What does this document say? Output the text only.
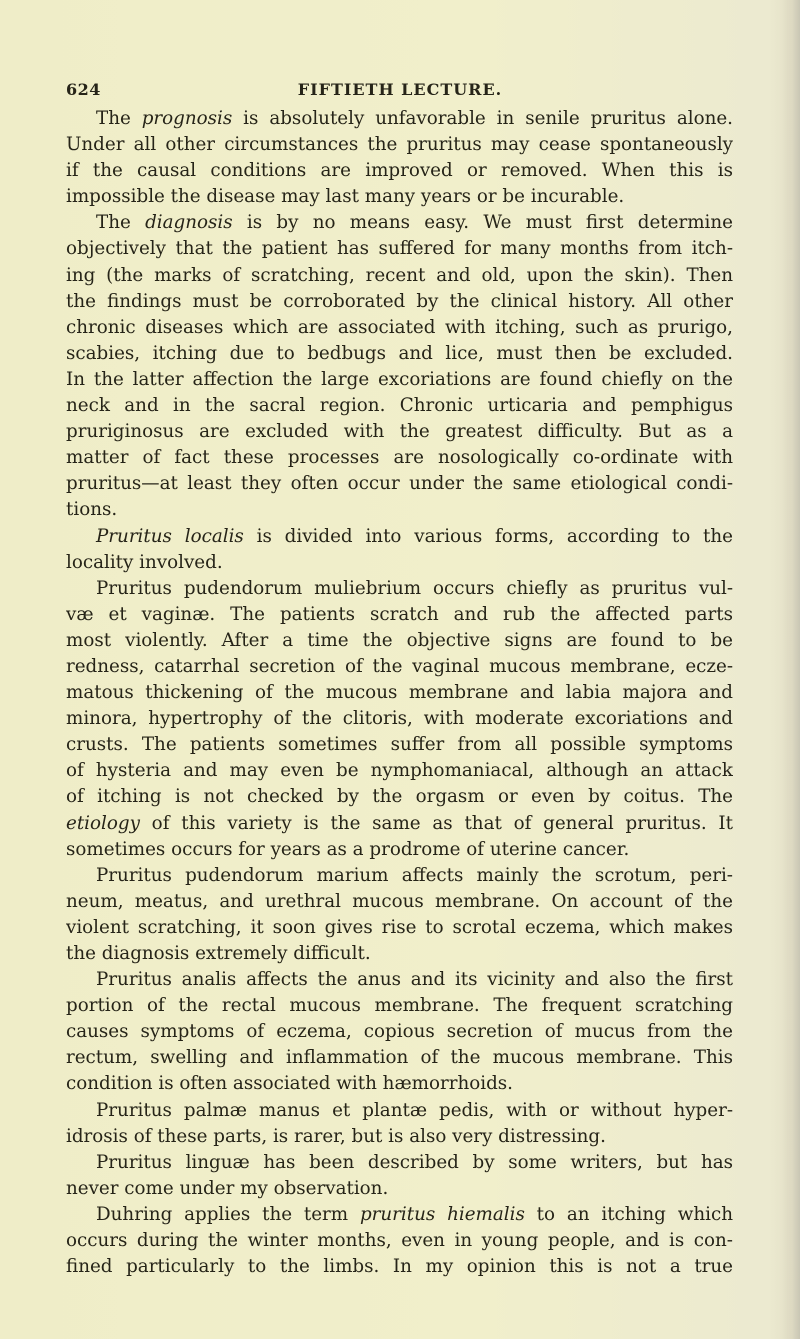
624	FIFTIETH LECTURE.
The prognosis is absolutely unfavorable in senile pruritus alone.
Under all other circumstances the pruritus may cease spontaneously
if the causal conditions are improved or removed. When this is
impossible the disease may last many years or be incurable.
The diagnosis is by no means easy. We must first determine
objectively that the patient has suffered for many months from itch-
ing (the marks of scratching, recent and old, upon the skin). Then
the findings must be corroborated by the clinical history. All other
chronic diseases which are associated with itching, such as prurigo,
scabies, itching due to bedbugs and lice, must then be excluded.
In the latter affection the large excoriations are found chiefly on the
neck and in the sacral region. Chronic urticaria and pemphigus
pruriginosus are excluded with the greatest difficulty. But as a
matter of fact these processes are nosologically co-ordinate with
pruritus—at least they often occur under the same etiological condi-
tions.
Pruritus localis is divided into various forms, according to the
locality involved.
Pruritus pudendorum muliebrium occurs chiefly as pruritus vul-
væ et vaginæ. The patients scratch and rub the affected parts
most violently. After a time the objective signs are found to be
redness, catarrhal secretion of the vaginal mucous membrane, ecze-
matous thickening of the mucous membrane and labia majora and
minora, hypertrophy of the clitoris, with moderate excoriations and
crusts. The patients sometimes suffer from all possible symptoms
of hysteria and may even be nymphomaniacal, although an attack
of itching is not checked by the orgasm or even by coitus. The
etiology of this variety is the same as that of general pruritus. It
sometimes occurs for years as a prodrome of uterine cancer.
Pruritus pudendorum marium affects mainly the scrotum, peri-
neum, meatus, and urethral mucous membrane. On account of the
violent scratching, it soon gives rise to scrotal eczema, which makes
the diagnosis extremely difficult.
Pruritus analis affects the anus and its vicinity and also the first
portion of the rectal mucous membrane. The frequent scratching
causes symptoms of eczema, copious secretion of mucus from the
rectum, swelling and inflammation of the mucous membrane. This
condition is often associated with hæmorrhoids.
Pruritus palmæ manus et plantæ pedis, with or without hyper-
idrosis of these parts, is rarer, but is also very distressing.
Pruritus linguæ has been described by some writers, but has
never come under my observation.
Duhring applies the term pruritus hiemalis to an itching which
occurs during the winter months, even in young people, and is con-
fined particularly to the limbs. In my opinion this is not a true
